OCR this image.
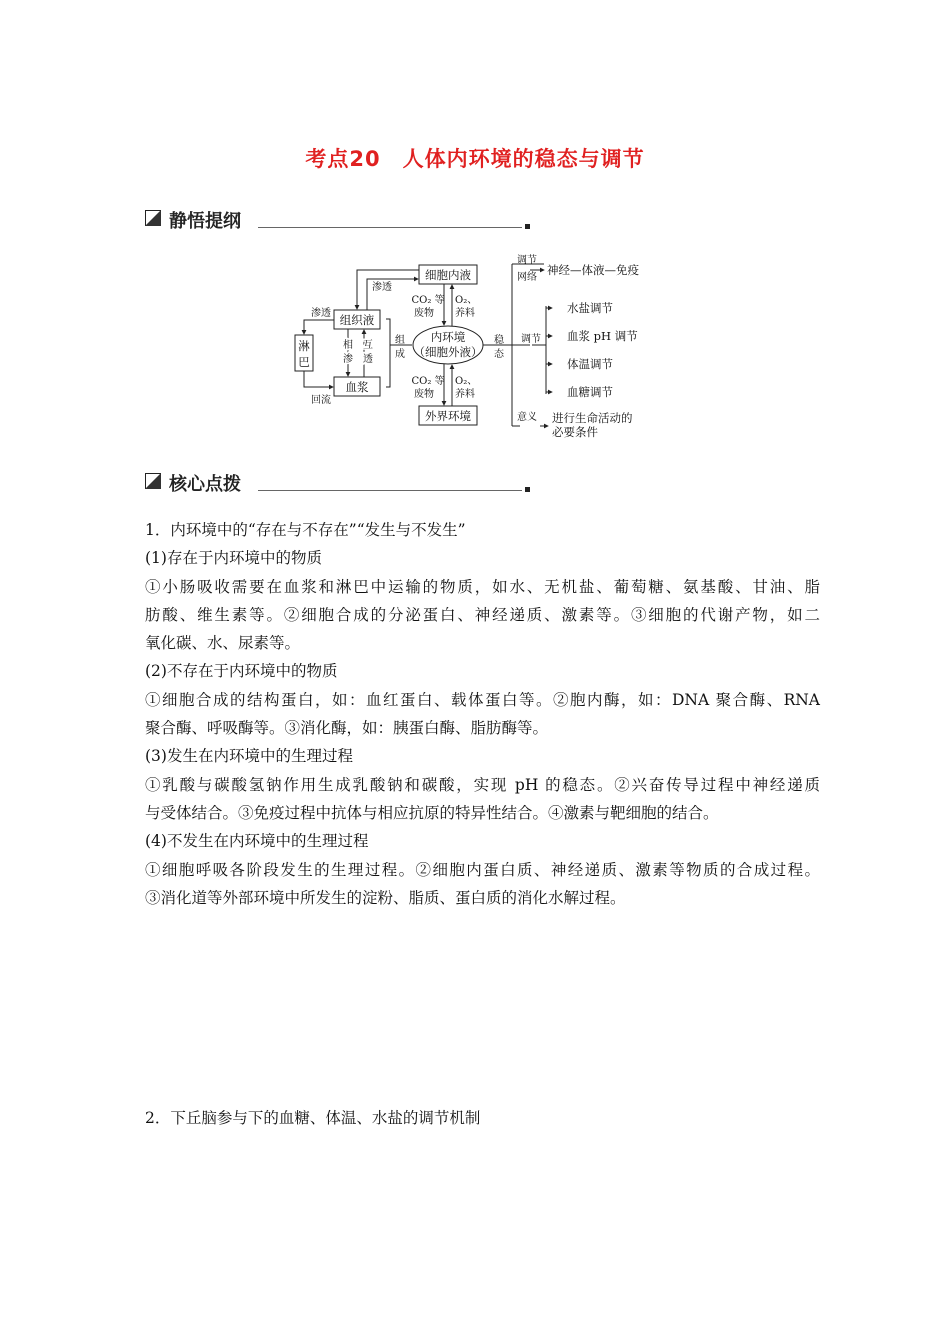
考点20 人体内环境的稳态与调节
静悟提纲
细胞内液
组织液
淋
巴
血浆
外界环境
内环境
（细胞外液）
神经—体液—免疫
水盐调节
血浆 pH 调节
体温调节
血糖调节
进行生命活动的
必要条件
渗透
渗透
回流
相
渗
互
透
组
成
稳
态
CO₂ 等
废物
O₂、
养料
CO₂ 等
废物
O₂、
养料
调节
网络
调节
意义
核心点拨

1．内环境中的“存在与不存在”“发生与不发生”

(1)存在于内环境中的物质

①小肠吸收需要在血浆和淋巴中运输的物质，如水、无机盐、葡萄糖、氨基酸、甘油、脂

肪酸、维生素等。②细胞合成的分泌蛋白、神经递质、激素等。③细胞的代谢产物，如二

氧化碳、水、尿素等。

(2)不存在于内环境中的物质

①细胞合成的结构蛋白，如：血红蛋白、载体蛋白等。②胞内酶，如：DNA 聚合酶、RNA

聚合酶、呼吸酶等。③消化酶，如：胰蛋白酶、脂肪酶等。

(3)发生在内环境中的生理过程

①乳酸与碳酸氢钠作用生成乳酸钠和碳酸，实现 pH 的稳态。②兴奋传导过程中神经递质

与受体结合。③免疫过程中抗体与相应抗原的特异性结合。④激素与靶细胞的结合。

(4)不发生在内环境中的生理过程

①细胞呼吸各阶段发生的生理过程。②细胞内蛋白质、神经递质、激素等物质的合成过程。

③消化道等外部环境中所发生的淀粉、脂质、蛋白质的消化水解过程。

2．下丘脑参与下的血糖、体温、水盐的调节机制
